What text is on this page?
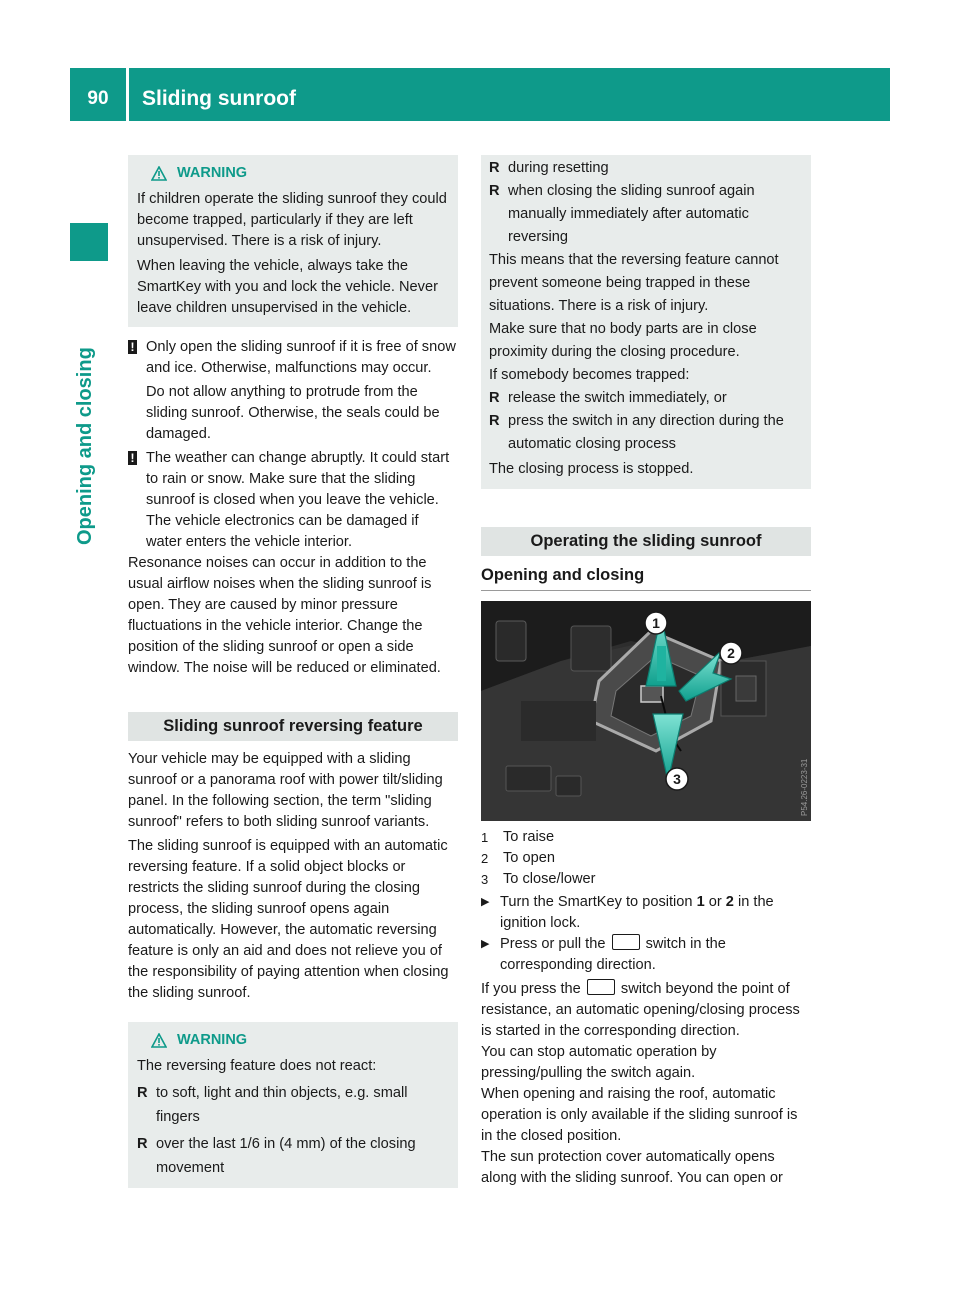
90	Sliding sunroof
Opening and closing
WARNING

If children operate the sliding sunroof they could become trapped, particularly if they are left unsupervised. There is a risk of injury.

When leaving the vehicle, always take the SmartKey with you and lock the vehicle. Never leave children unsupervised in the vehicle.

! Only open the sliding sunroof if it is free of snow and ice. Otherwise, malfunctions may occur.

Do not allow anything to protrude from the sliding sunroof. Otherwise, the seals could be damaged.

! The weather can change abruptly. It could start to rain or snow. Make sure that the sliding sunroof is closed when you leave the vehicle. The vehicle electronics can be damaged if water enters the vehicle interior.

Resonance noises can occur in addition to the usual airflow noises when the sliding sunroof is open. They are caused by minor pressure fluctuations in the vehicle interior. Change the position of the sliding sunroof or open a side window. The noise will be reduced or eliminated.

Sliding sunroof reversing feature

Your vehicle may be equipped with a sliding sunroof or a panorama roof with power tilt/sliding panel. In the following section, the term "sliding sunroof" refers to both sliding sunroof variants.

The sliding sunroof is equipped with an automatic reversing feature. If a solid object blocks or restricts the sliding sunroof during the closing process, the sliding sunroof opens again automatically. However, the automatic reversing feature is only an aid and does not relieve you of the responsibility of paying attention when closing the sliding sunroof.

WARNING

The reversing feature does not react:

R to soft, light and thin objects, e.g. small fingers
R over the last 1/6 in (4 mm) of the closing movement
R during resetting
R when closing the sliding sunroof again manually immediately after automatic reversing

This means that the reversing feature cannot prevent someone being trapped in these situations. There is a risk of injury.

Make sure that no body parts are in close proximity during the closing procedure.

If somebody becomes trapped:

R release the switch immediately, or
R press the switch in any direction during the automatic closing process

The closing process is stopped.

Operating the sliding sunroof
Opening and closing
1
2
3	P54.26-0223-31
1	To raise
2	To open
3	To close/lower
▶ Turn the SmartKey to position 1 or 2 in the ignition lock.

▶ Press or pull the  switch in the corresponding direction.

If you press the  switch beyond the point of resistance, an automatic opening/closing process is started in the corresponding direction.

You can stop automatic operation by pressing/pulling the switch again.

When opening and raising the roof, automatic operation is only available if the sliding sunroof is in the closed position.

The sun protection cover automatically opens along with the sliding sunroof. You can open or
